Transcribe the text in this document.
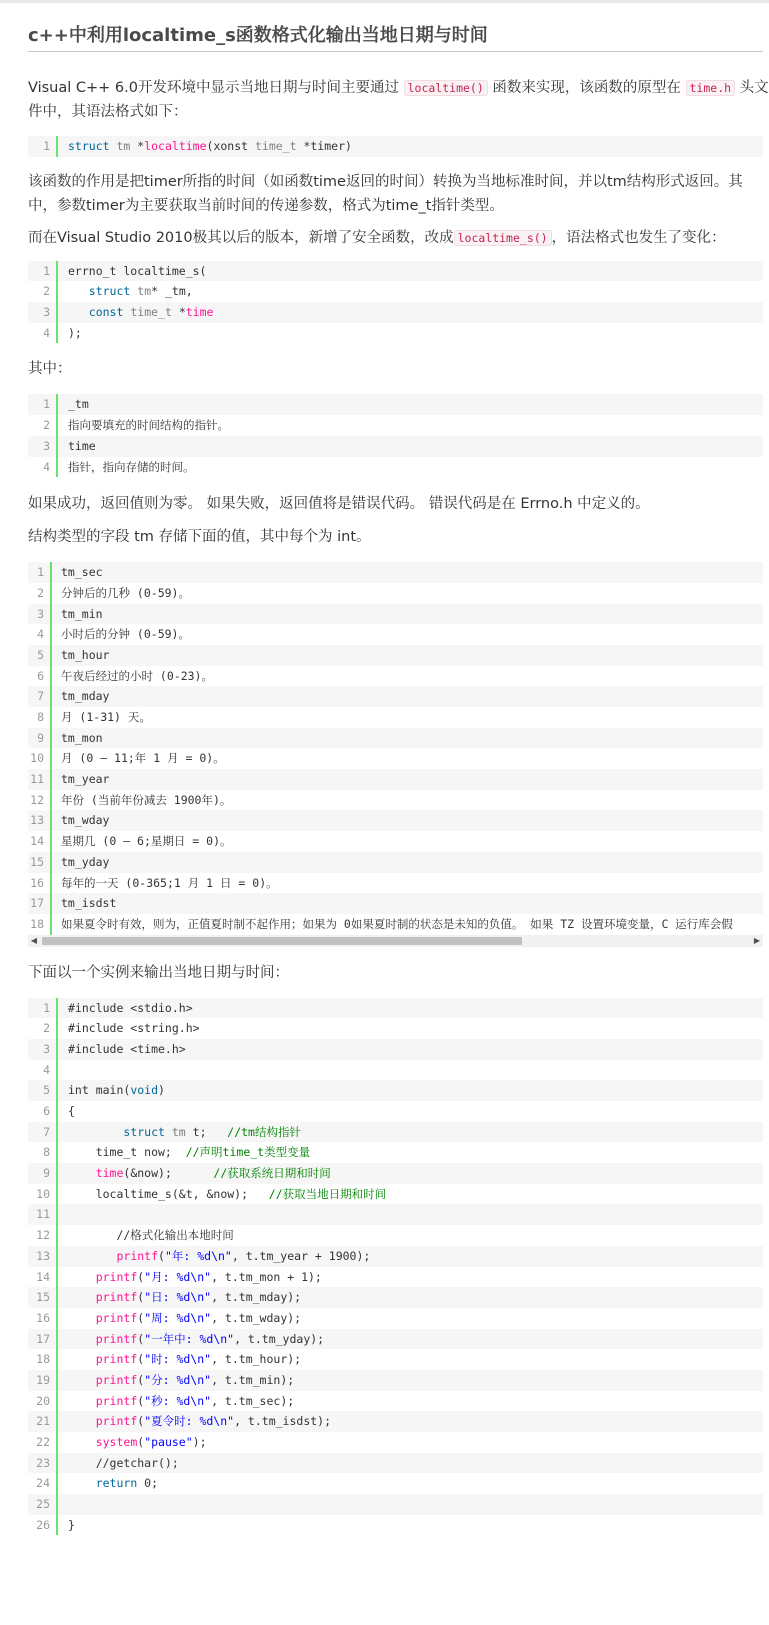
c++中利用localtime_s函数格式化输出当地日期与时间

Visual C++ 6.0开发环境中显示当地日期与时间主要通过 localtime() 函数来实现，该函数的原型在 time.h 头文件中，其语法格式如下：

1	struct tm *localtime(xonst time_t *timer)

该函数的作用是把timer所指的时间（如函数time返回的时间）转换为当地标准时间，并以tm结构形式返回。其中，参数timer为主要获取当前时间的传递参数，格式为time_t指针类型。

而在Visual Studio 2010极其以后的版本，新增了安全函数，改成 localtime_s() ，语法格式也发生了变化：

1	errno_t localtime_s(
2	struct tm* _tm,
3	const time_t *time
4	);

其中：

1	_tm
2	指向要填充的时间结构的指针。
3	time
4	指针，指向存储的时间。

如果成功，返回值则为零。 如果失败，返回值将是错误代码。 错误代码是在 Errno.h 中定义的。

结构类型的字段 tm 存储下面的值，其中每个为 int。

1	tm_sec
2	分钟后的几秒 (0-59)。
3	tm_min
4	小时后的分钟 (0-59)。
5	tm_hour
6	午夜后经过的小时 (0-23)。
7	tm_mday
8	月 (1-31) 天。
9	tm_mon
10	月 (0 – 11;年 1 月 = 0)。
11	tm_year
12	年份 (当前年份减去 1900年)。
13	tm_wday
14	星期几 (0 – 6;星期日 = 0)。
15	tm_yday
16	每年的一天 (0-365;1 月 1 日 = 0)。
17	tm_isdst
18	如果夏令时有效，则为，正值夏时制不起作用；如果为 0如果夏时制的状态是未知的负值。 如果 TZ 设置环境变量，C 运行库会假
◀	▶

下面以一个实例来输出当地日期与时间：

1	#include <stdio.h>
2	#include <string.h>
3	#include <time.h>
4
5	int main(void)
6	{
7	struct tm t;   //tm结构指针
8	time_t now;  //声明time_t类型变量
9	time(&now);      //获取系统日期和时间
10	localtime_s(&t, &now);   //获取当地日期和时间
11
12	//格式化输出本地时间
13	printf("年: %d\n", t.tm_year + 1900);
14	printf("月: %d\n", t.tm_mon + 1);
15	printf("日: %d\n", t.tm_mday);
16	printf("周: %d\n", t.tm_wday);
17	printf("一年中: %d\n", t.tm_yday);
18	printf("时: %d\n", t.tm_hour);
19	printf("分: %d\n", t.tm_min);
20	printf("秒: %d\n", t.tm_sec);
21	printf("夏令时: %d\n", t.tm_isdst);
22	system("pause");
23	//getchar();
24	return 0;
25
26	}
